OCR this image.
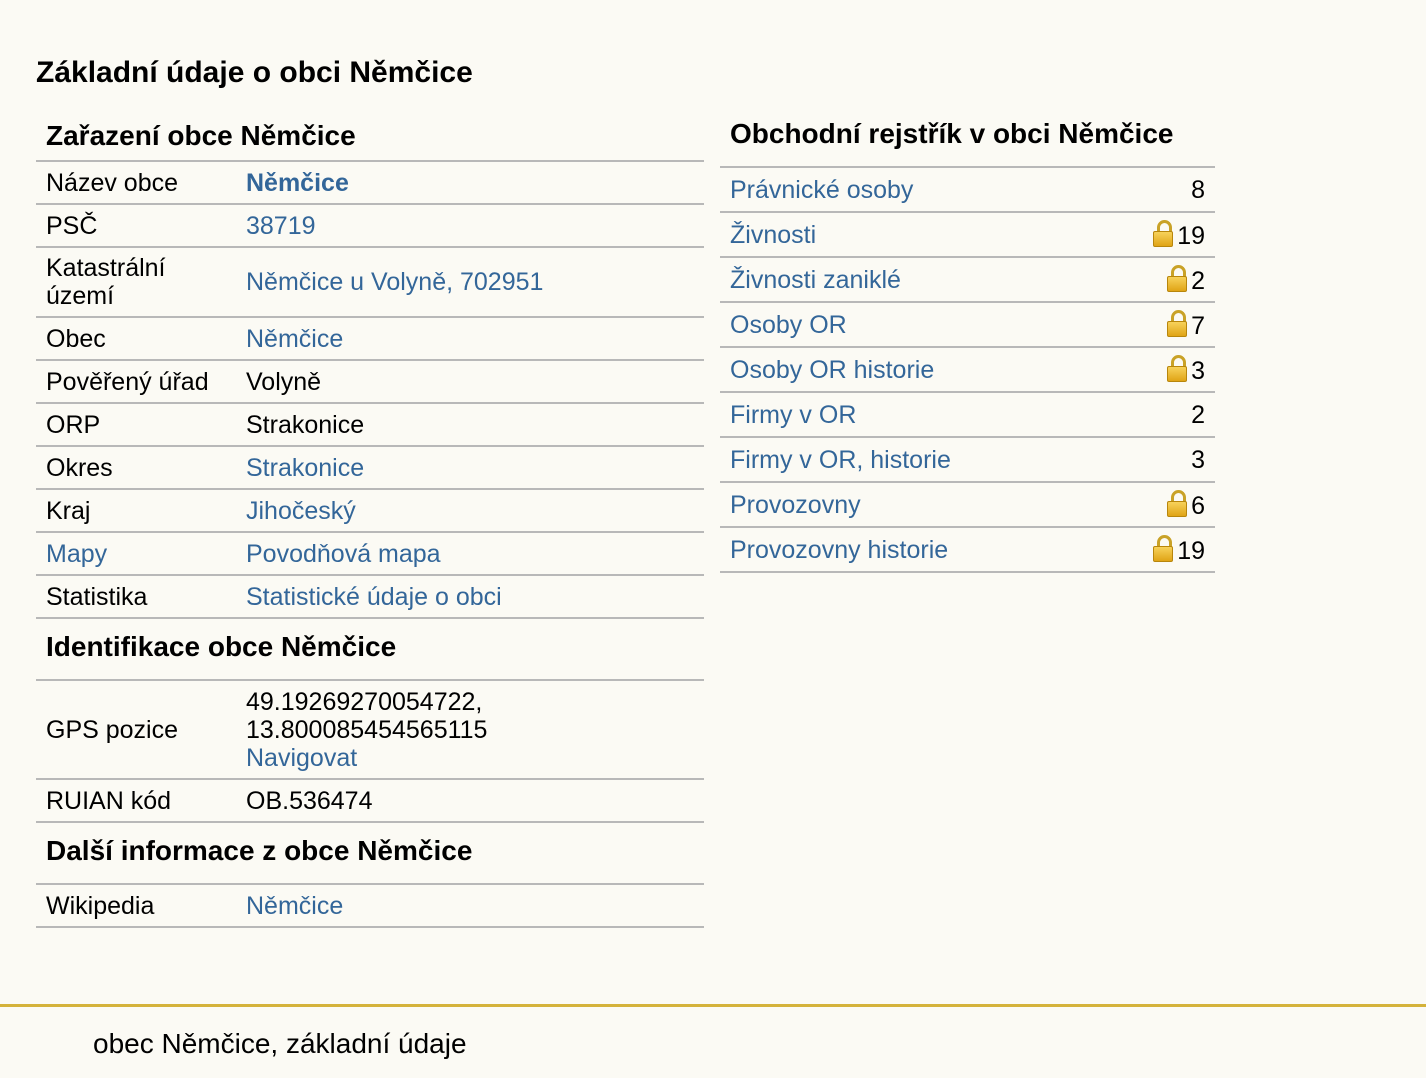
Základní údaje o obci Němčice
Zařazení obce Němčice
Název obce	Němčice
PSČ	38719
Katastrální území	Němčice u Volyně, 702951
Obec	Němčice
Pověřený úřad	Volyně
ORP	Strakonice
Okres	Strakonice
Kraj	Jihočeský
Mapy	Povodňová mapa
Statistika	Statistické údaje o obci
Identifikace obce Němčice
GPS pozice	49.19269270054722,
13.800085454565115
Navigovat
RUIAN kód	OB.536474
Další informace z obce Němčice
Wikipedia	Němčice
Obchodní rejstřík v obci Němčice
Právnické osoby	8
Živnosti	19
Živnosti zaniklé	2
Osoby OR	7
Osoby OR historie	3
Firmy v OR	2
Firmy v OR, historie	3
Provozovny	6
Provozovny historie	19
obec Němčice, základní údaje
